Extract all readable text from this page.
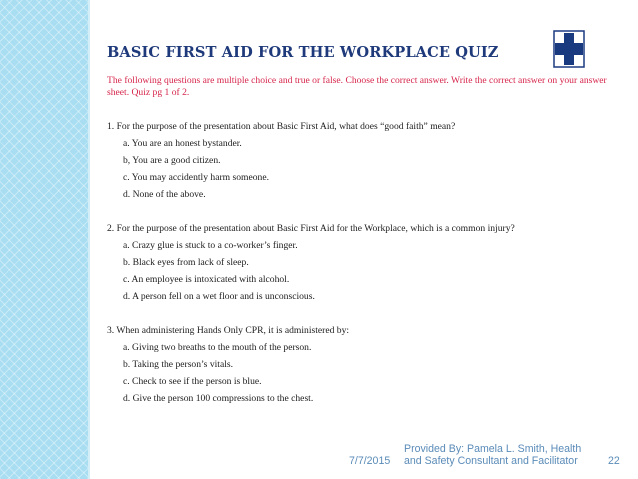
BASIC FIRST AID FOR THE WORKPLACE QUIZ
The following questions are multiple choice and true or false. Choose the correct answer. Write the correct answer on your answer sheet. Quiz pg 1 of 2.
1. For the purpose of the presentation about Basic First Aid, what does “good faith” mean?
a. You are an honest bystander.
b, You are a good citizen.
c. You may accidently harm someone.
d. None of the above.
2. For the purpose of the presentation about Basic First Aid for the Workplace, which is a common injury?
a. Crazy glue is stuck to a co-worker’s finger.
b. Black eyes from lack of sleep.
c. An employee is intoxicated with alcohol.
d. A person fell on a wet floor and is unconscious.
3. When administering Hands Only CPR, it is administered by:
a. Giving two breaths to the mouth of the person.
b. Taking the person’s vitals.
c. Check to see if the person is blue.
d. Give the person 100 compressions to the chest.
7/7/2015
Provided By: Pamela L. Smith, Health
and Safety Consultant and Facilitator	22
